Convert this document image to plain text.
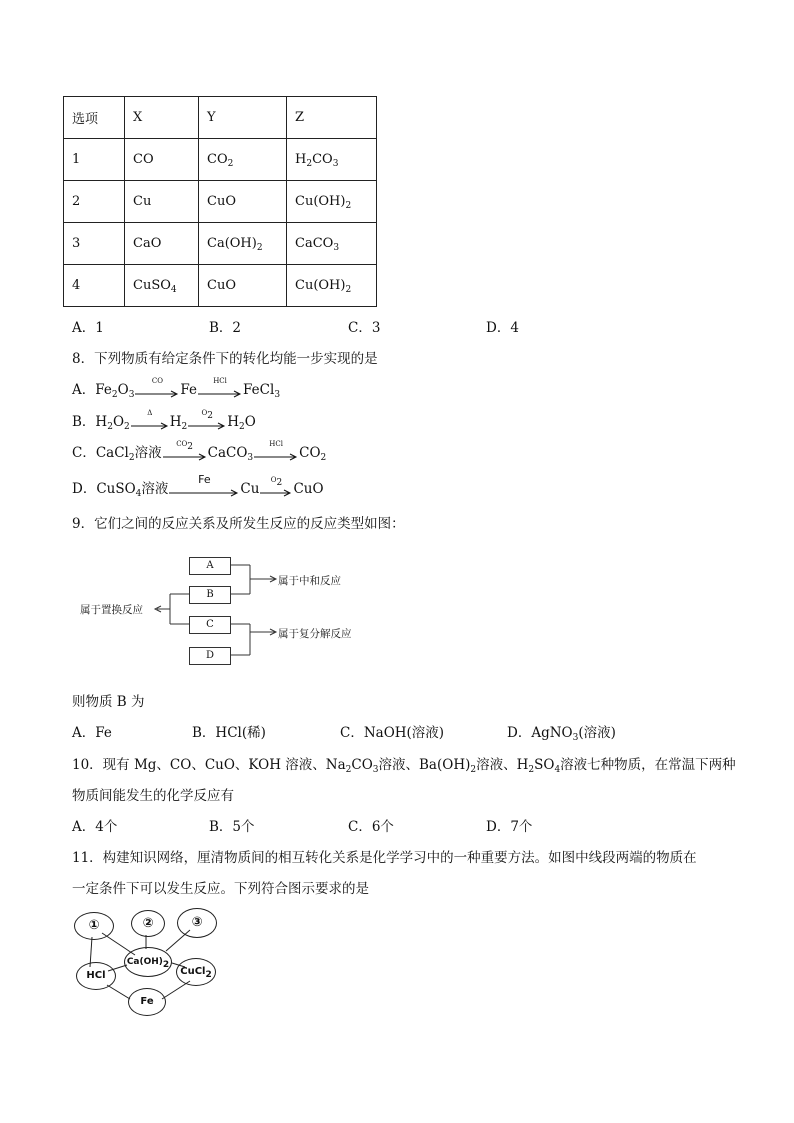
选项	X	Y	Z
1	CO	$CO_2$	$H_2CO_3$
2	Cu	CuO	$Cu(OH)_2$
3	CaO	$Ca(OH)_2$	CaCO$_3$
4	CuSO$_4$	CuO	$Cu(OH)_2$
A．1	B．2	C．3	D．4
8．下列物质有给定条件下的转化均能一步实现的是
A．$Fe_2O_3$
CO
Fe
HCl
FeCl$_3$
B．$H_2O_2$
Δ
$H_2$
$O_2$	$H_2O$
C．CaCl$_2$溶液
$CO_2$	CaCO$_3$
HCl
$CO_2$
D．CuSO$_4$溶液
Fe
Cu
$O_2$ CuO
9．它们之间的反应关系及所发生反应的反应类型如图：
A
B
C
D
属于中和反应
属于置换反应
属于复分解反应
则物质 B 为
A．Fe	B．HCl(稀)	C．NaOH(溶液)	D．AgNO$_3$(溶液)
10．现有 Mg、CO、CuO、KOH 溶液、$Na_2CO_3$溶液、$Ba(OH)_2$溶液、$H_2SO_4$溶液七种物质，在常温下两种
物质间能发生的化学反应有
A．4个	B．5个	C．6个	D．7个
11．构建知识网络，厘清物质间的相互转化关系是化学学习中的一种重要方法。如图中线段两端的物质在
一定条件下可以发生反应。下列符合图示要求的是
①	②	③
HCl
$Ca(OH)_2$
CuCl$_2$
Fe
